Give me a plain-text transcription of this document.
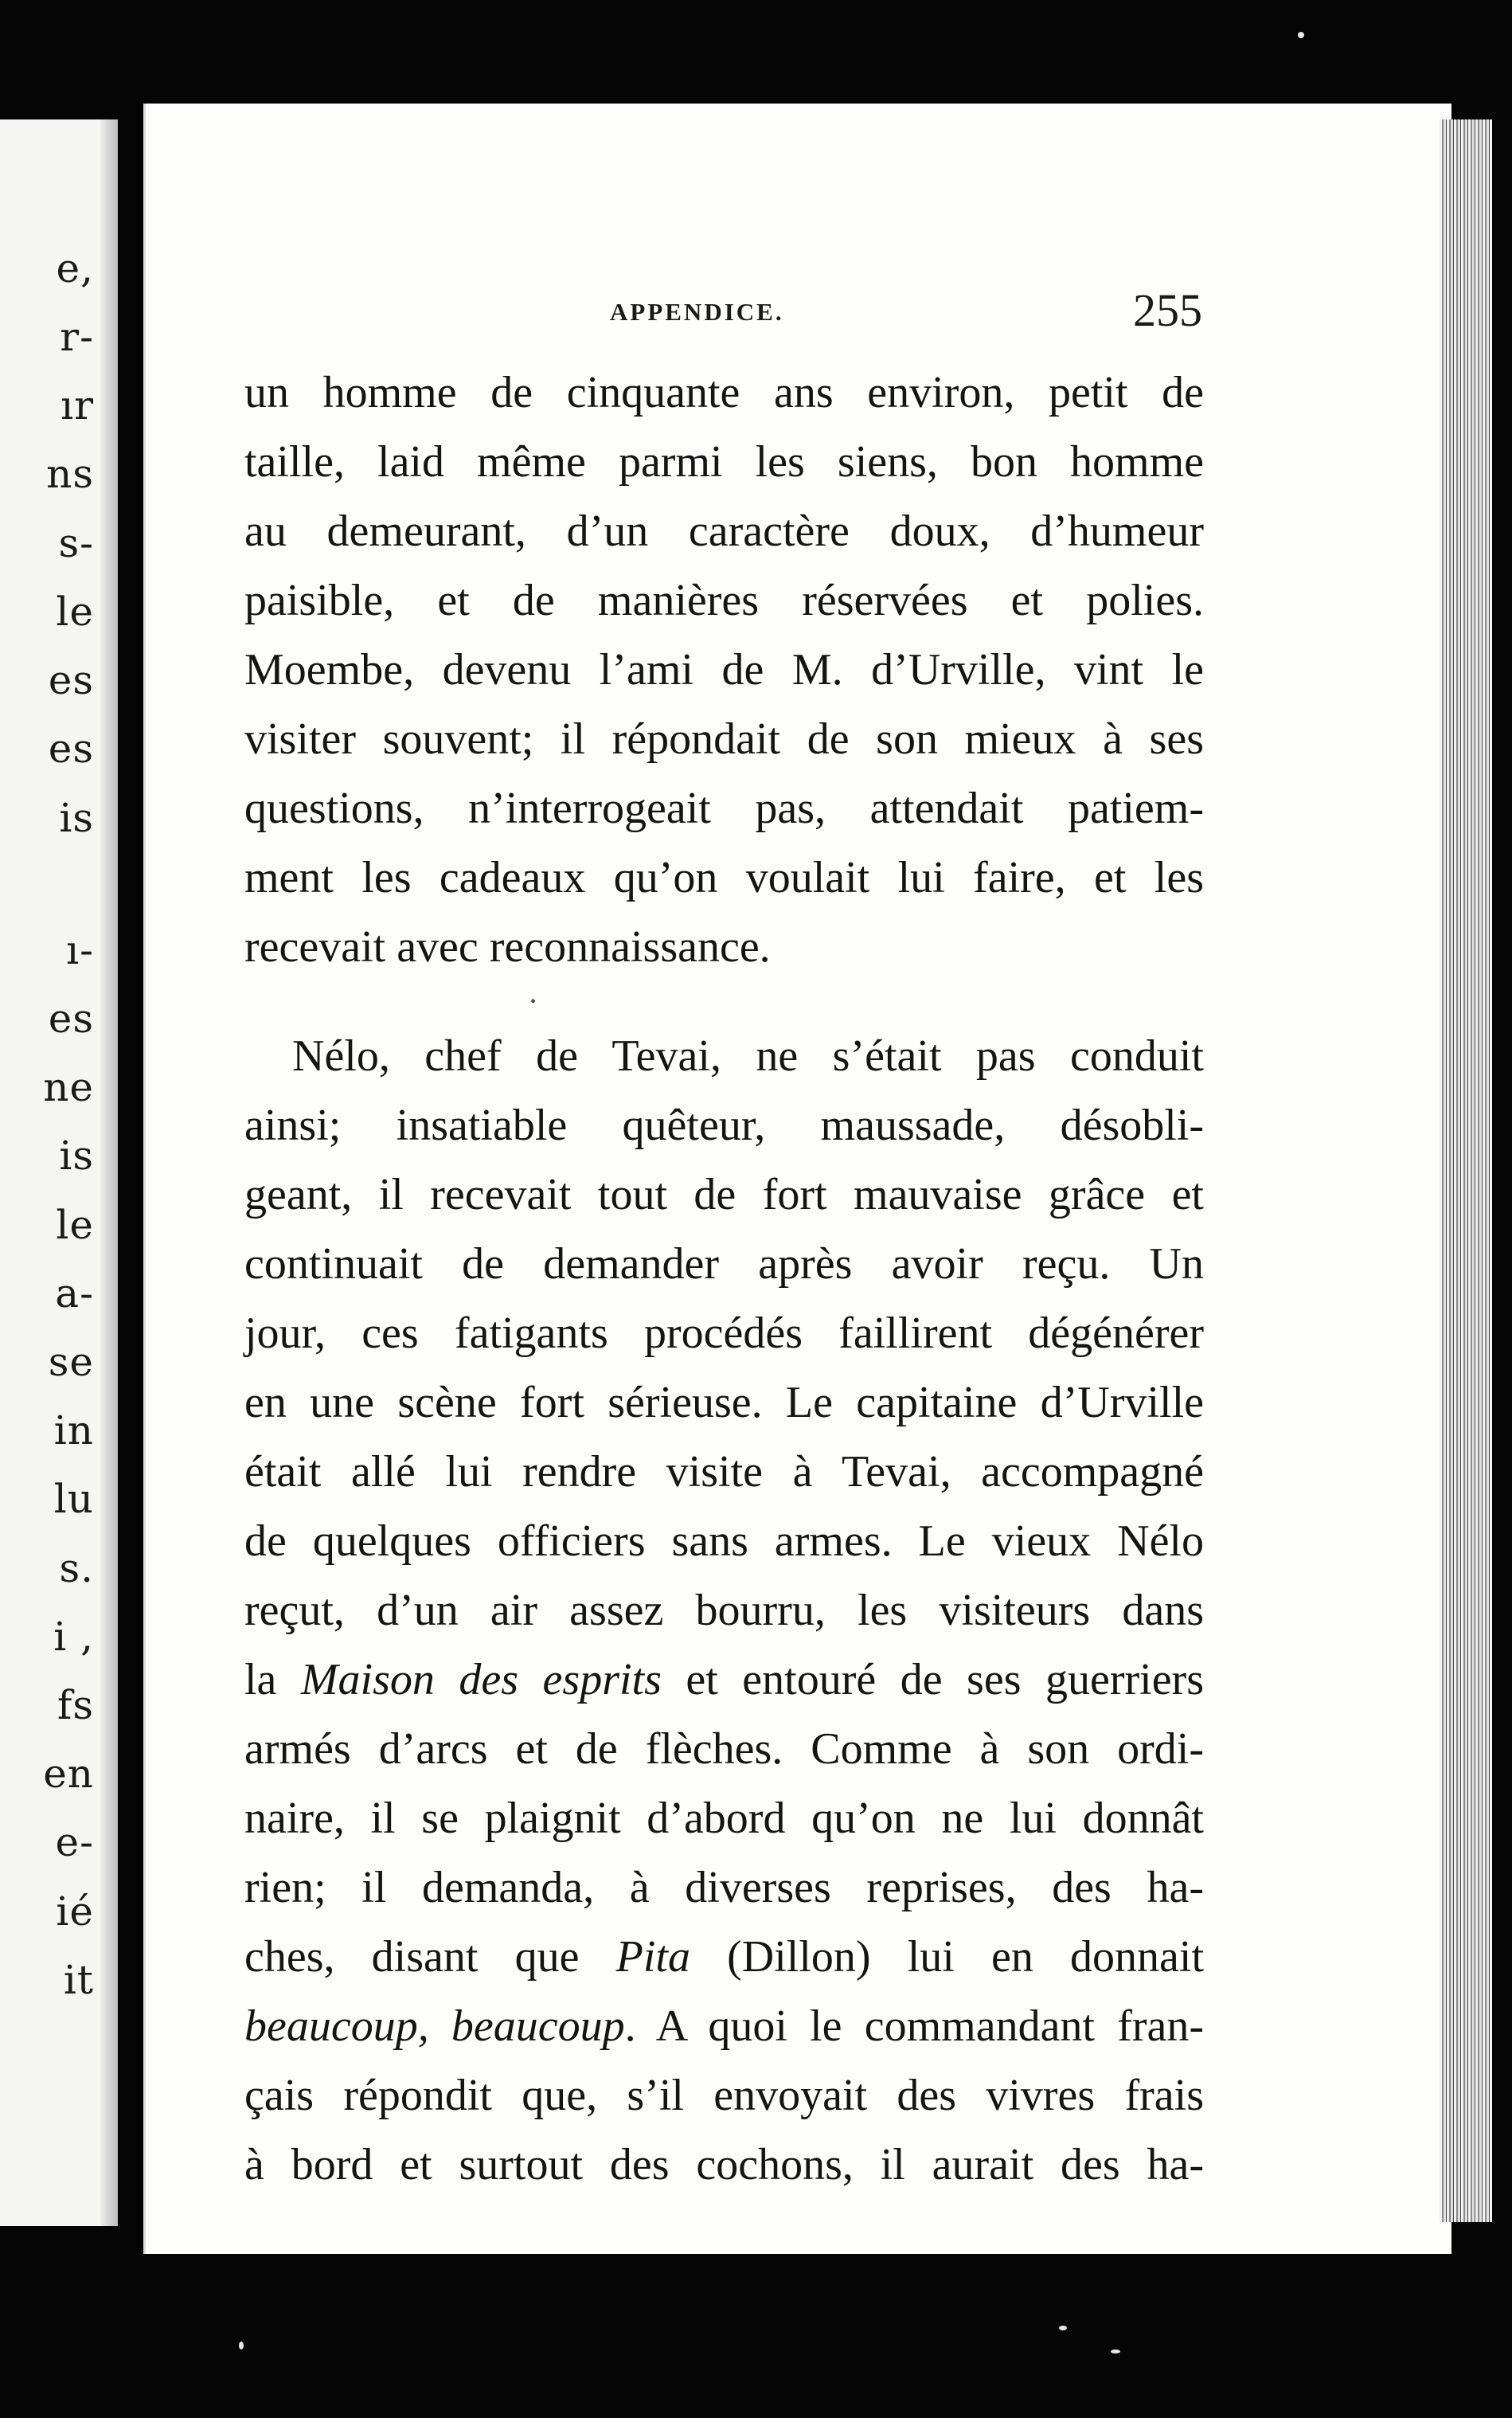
e,
r-
ır
ns
s-
le
es
es
is
ı-
es
ne
is
le
a-
se
in
lu
s.
i ,
fs
en
e-
ié
it
APPENDICE.	255
un homme de cinquante ans environ, petit de
taille, laid même parmi les siens, bon homme
au demeurant, d’un caractère doux, d’humeur
paisible, et de manières réservées et polies.
Moembe, devenu l’ami de M. d’Urville, vint le
visiter souvent; il répondait de son mieux à ses
questions, n’interrogeait pas, attendait patiem-
ment les cadeaux qu’on voulait lui faire, et les
recevait avec reconnaissance.
•
Nélo, chef de Tevai, ne s’était pas conduit
ainsi; insatiable quêteur, maussade, désobli-
geant, il recevait tout de fort mauvaise grâce et
continuait de demander après avoir reçu. Un
jour, ces fatigants procédés faillirent dégénérer
en une scène fort sérieuse. Le capitaine d’Urville
était allé lui rendre visite à Tevai, accompagné
de quelques officiers sans armes. Le vieux Nélo
reçut, d’un air assez bourru, les visiteurs dans
la Maison des esprits et entouré de ses guerriers
armés d’arcs et de flèches. Comme à son ordi-
naire, il se plaignit d’abord qu’on ne lui donnât
rien; il demanda, à diverses reprises, des ha-
ches, disant que Pita (Dillon) lui en donnait
beaucoup, beaucoup. A quoi le commandant fran-
çais répondit que, s’il envoyait des vivres frais
à bord et surtout des cochons, il aurait des ha-
